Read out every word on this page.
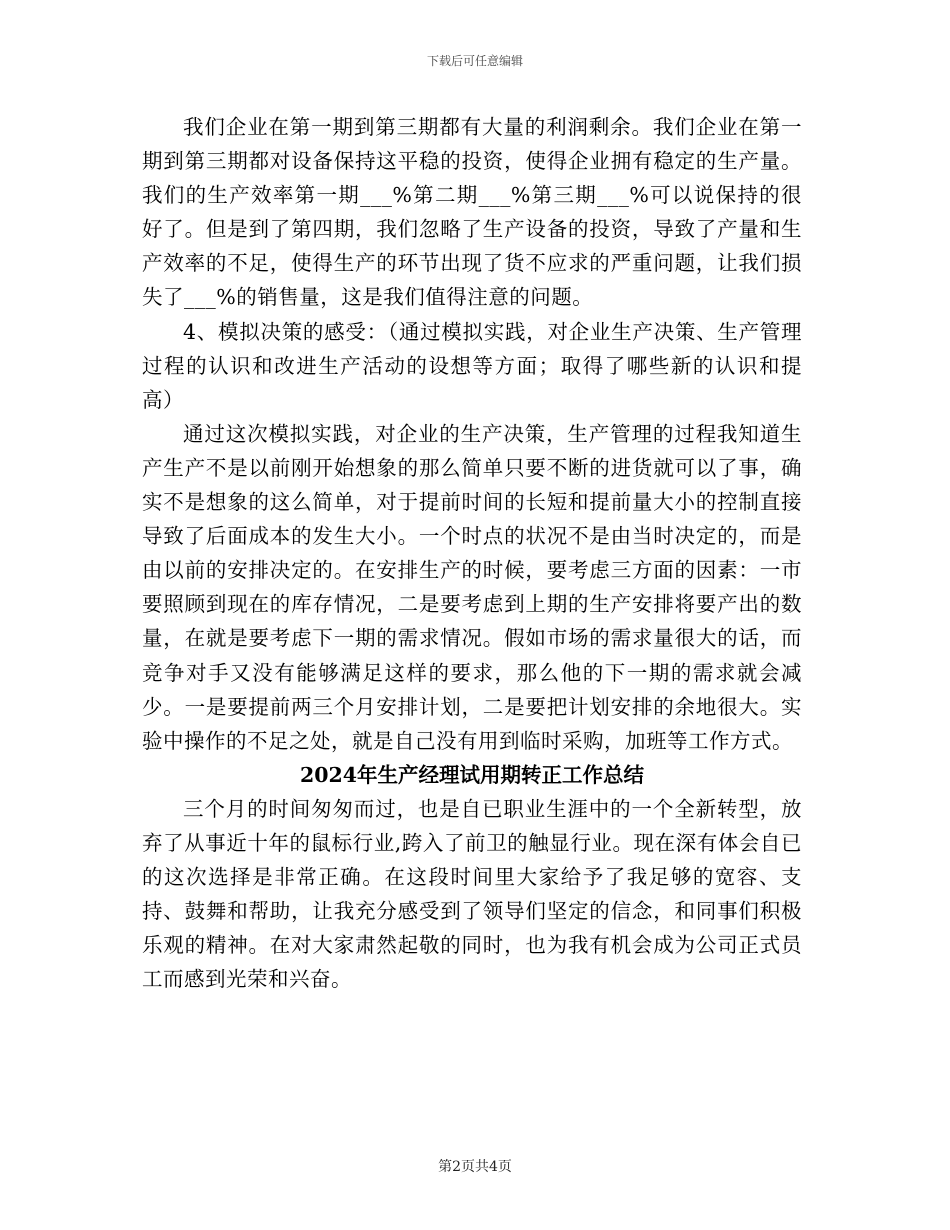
下载后可任意编辑

我们企业在第一期到第三期都有大量的利润剩余。我们企业在第一期到第三期都对设备保持这平稳的投资，使得企业拥有稳定的生产量。我们的生产效率第一期___%第二期___%第三期___%可以说保持的很好了。但是到了第四期，我们忽略了生产设备的投资，导致了产量和生产效率的不足，使得生产的环节出现了货不应求的严重问题，让我们损失了___%的销售量，这是我们值得注意的问题。

4、模拟决策的感受：（通过模拟实践，对企业生产决策、生产管理过程的认识和改进生产活动的设想等方面；取得了哪些新的认识和提高）

通过这次模拟实践，对企业的生产决策，生产管理的过程我知道生产生产不是以前刚开始想象的那么简单只要不断的进货就可以了事，确实不是想象的这么简单，对于提前时间的长短和提前量大小的控制直接导致了后面成本的发生大小。一个时点的状况不是由当时决定的，而是由以前的安排决定的。在安排生产的时候，要考虑三方面的因素：一市要照顾到现在的库存情况，二是要考虑到上期的生产安排将要产出的数量，在就是要考虑下一期的需求情况。假如市场的需求量很大的话，而竞争对手又没有能够满足这样的要求，那么他的下一期的需求就会减少。一是要提前两三个月安排计划，二是要把计划安排的余地很大。实验中操作的不足之处，就是自己没有用到临时采购，加班等工作方式。

2024年生产经理试用期转正工作总结

三个月的时间匆匆而过，也是自已职业生涯中的一个全新转型，放弃了从事近十年的鼠标行业,跨入了前卫的触显行业。现在深有体会自已的这次选择是非常正确。在这段时间里大家给予了我足够的宽容、支持、鼓舞和帮助，让我充分感受到了领导们坚定的信念，和同事们积极乐观的精神。在对大家肃然起敬的同时，也为我有机会成为公司正式员工而感到光荣和兴奋。

第2页共4页
